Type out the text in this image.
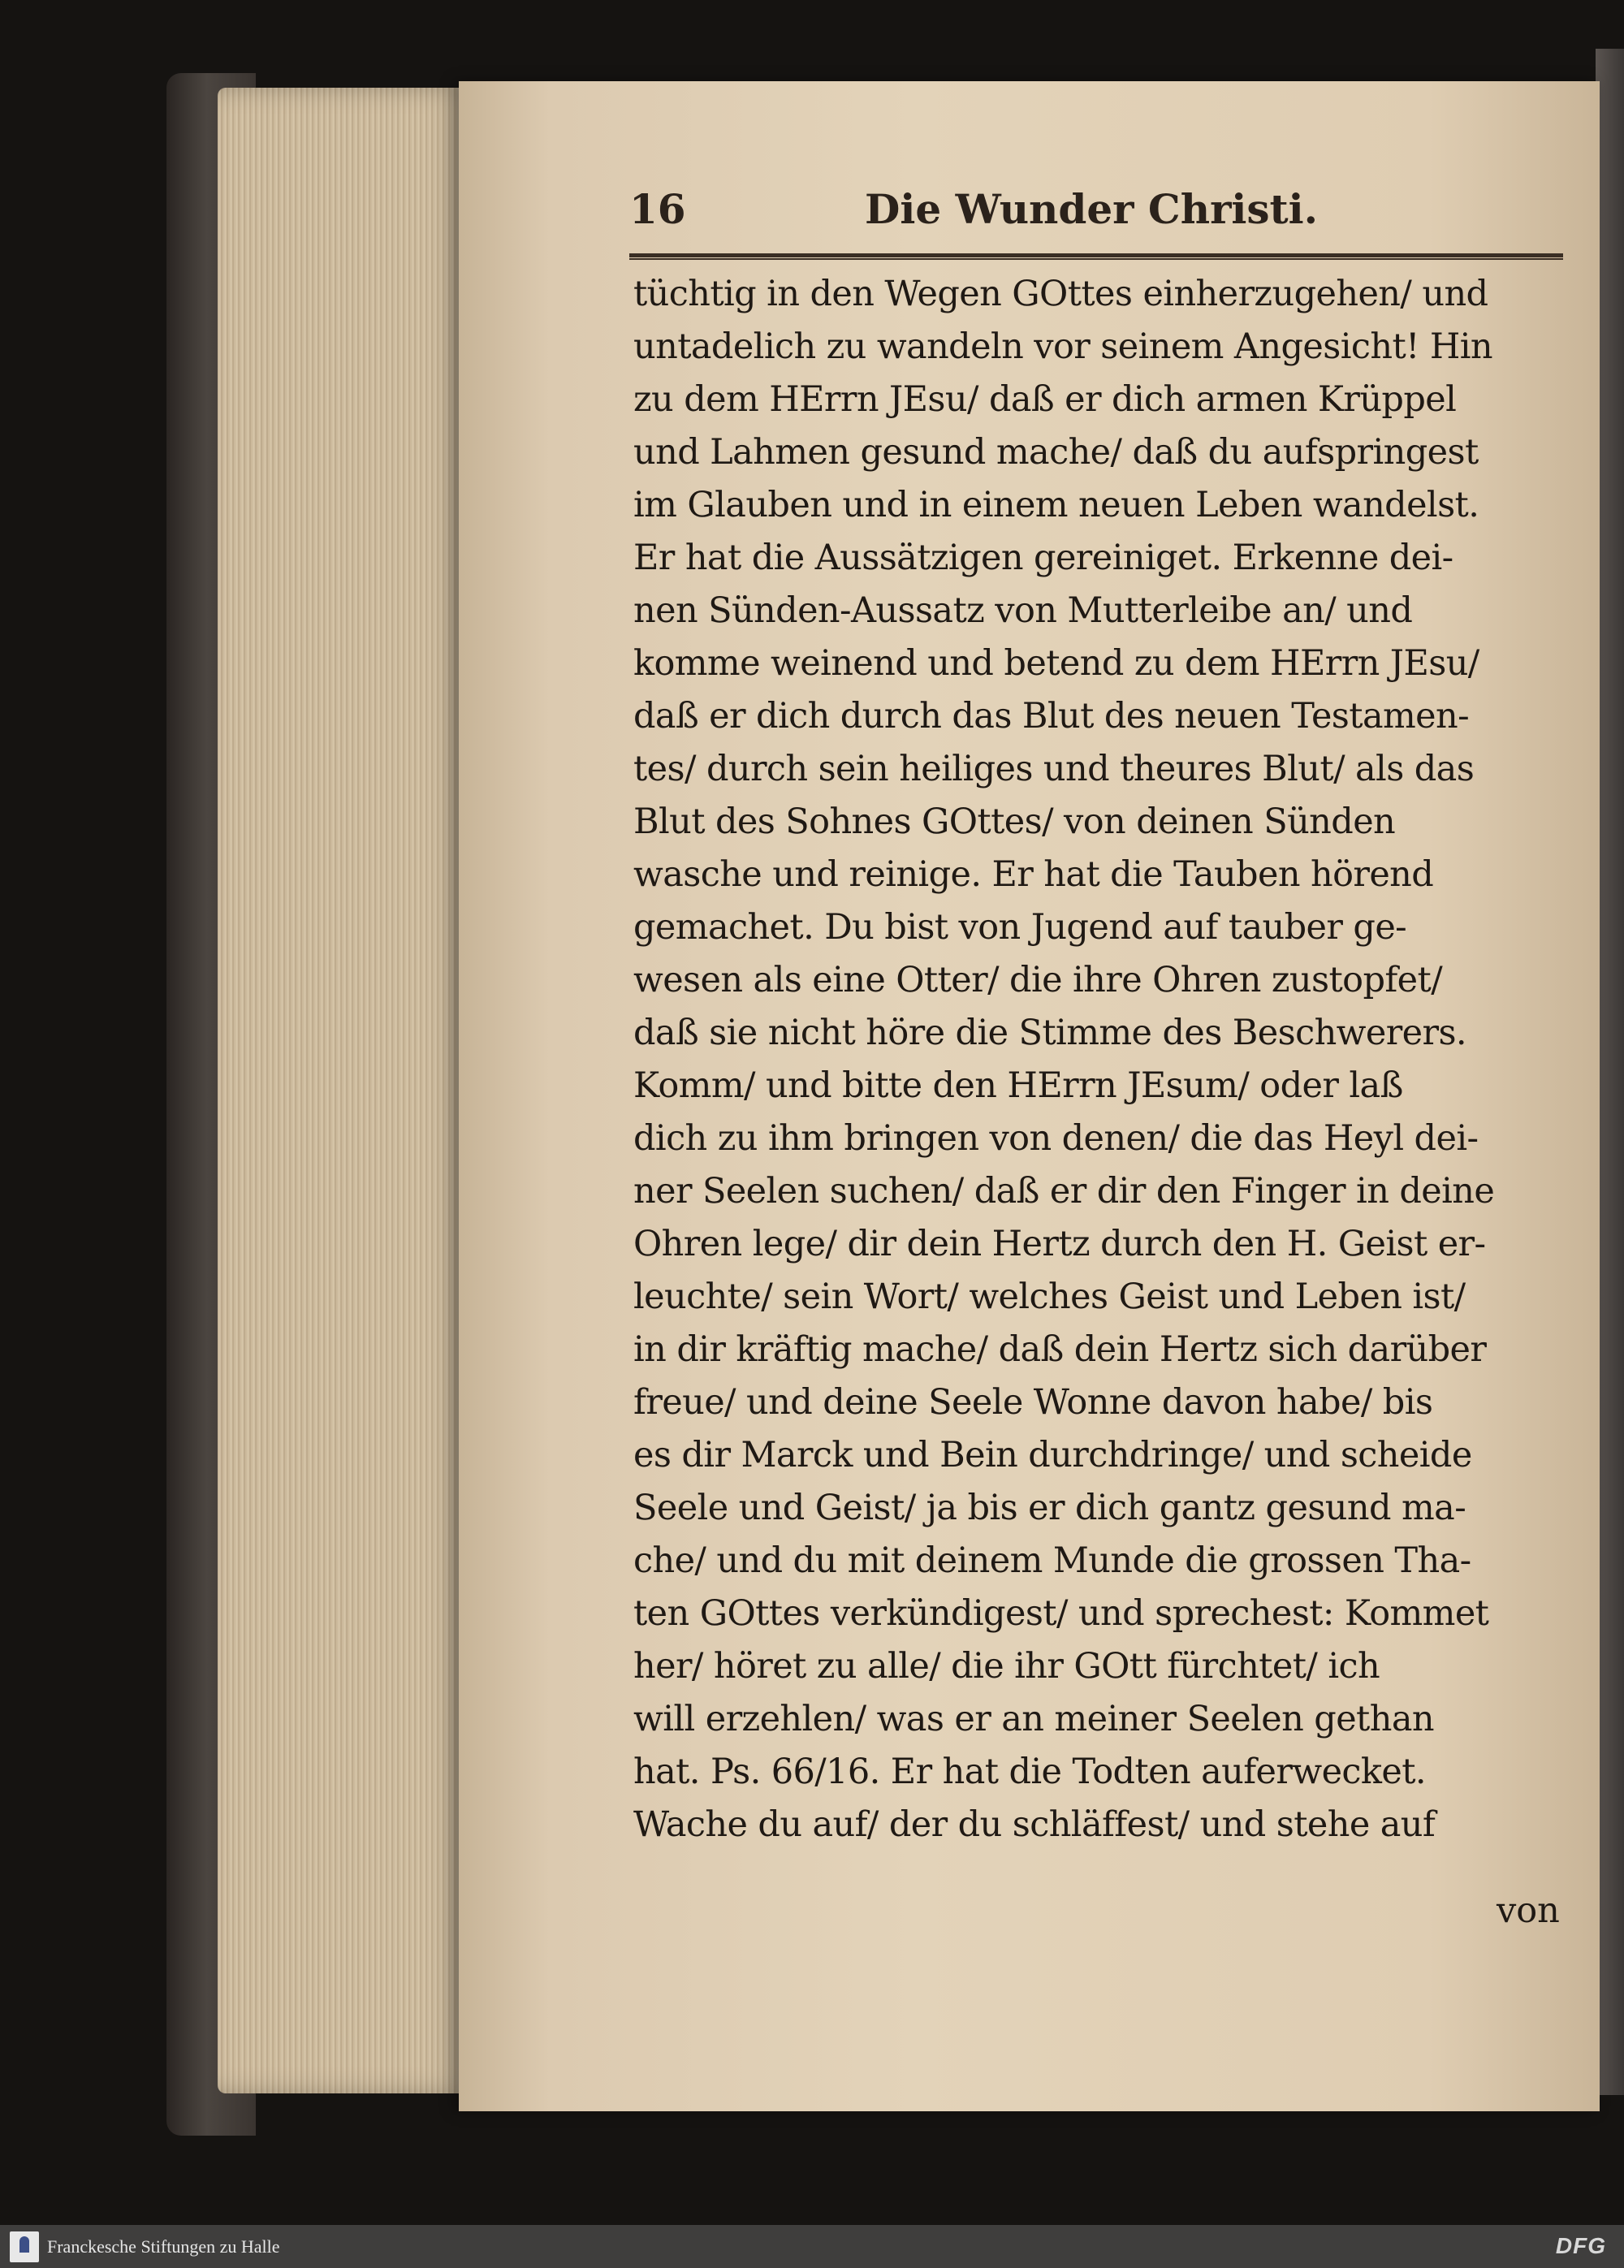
16	Die Wunder Christi.
tüchtig in den Wegen GOttes einherzugehen/ und
untadelich zu wandeln vor seinem Angesicht! Hin
zu dem HErrn JEsu/ daß er dich armen Krüppel
und Lahmen gesund mache/ daß du aufspringest
im Glauben und in einem neuen Leben wandelst.
Er hat die Aussätzigen gereiniget. Erkenne dei-
nen Sünden-Aussatz von Mutterleibe an/ und
komme weinend und betend zu dem HErrn JEsu/
daß er dich durch das Blut des neuen Testamen-
tes/ durch sein heiliges und theures Blut/ als das
Blut des Sohnes GOttes/ von deinen Sünden
wasche und reinige. Er hat die Tauben hörend
gemachet. Du bist von Jugend auf tauber ge-
wesen als eine Otter/ die ihre Ohren zustopfet/
daß sie nicht höre die Stimme des Beschwerers.
Komm/ und bitte den HErrn JEsum/ oder laß
dich zu ihm bringen von denen/ die das Heyl dei-
ner Seelen suchen/ daß er dir den Finger in deine
Ohren lege/ dir dein Hertz durch den H. Geist er-
leuchte/ sein Wort/ welches Geist und Leben ist/
in dir kräftig mache/ daß dein Hertz sich darüber
freue/ und deine Seele Wonne davon habe/ bis
es dir Marck und Bein durchdringe/ und scheide
Seele und Geist/ ja bis er dich gantz gesund ma-
che/ und du mit deinem Munde die grossen Tha-
ten GOttes verkündigest/ und sprechest: Kommet
her/ höret zu alle/ die ihr GOtt fürchtet/ ich
will erzehlen/ was er an meiner Seelen gethan
hat. Ps. 66/16. Er hat die Todten auferwecket.
Wache du auf/ der du schläffest/ und stehe auf
von
Franckesche Stiftungen zu Halle	DFG
